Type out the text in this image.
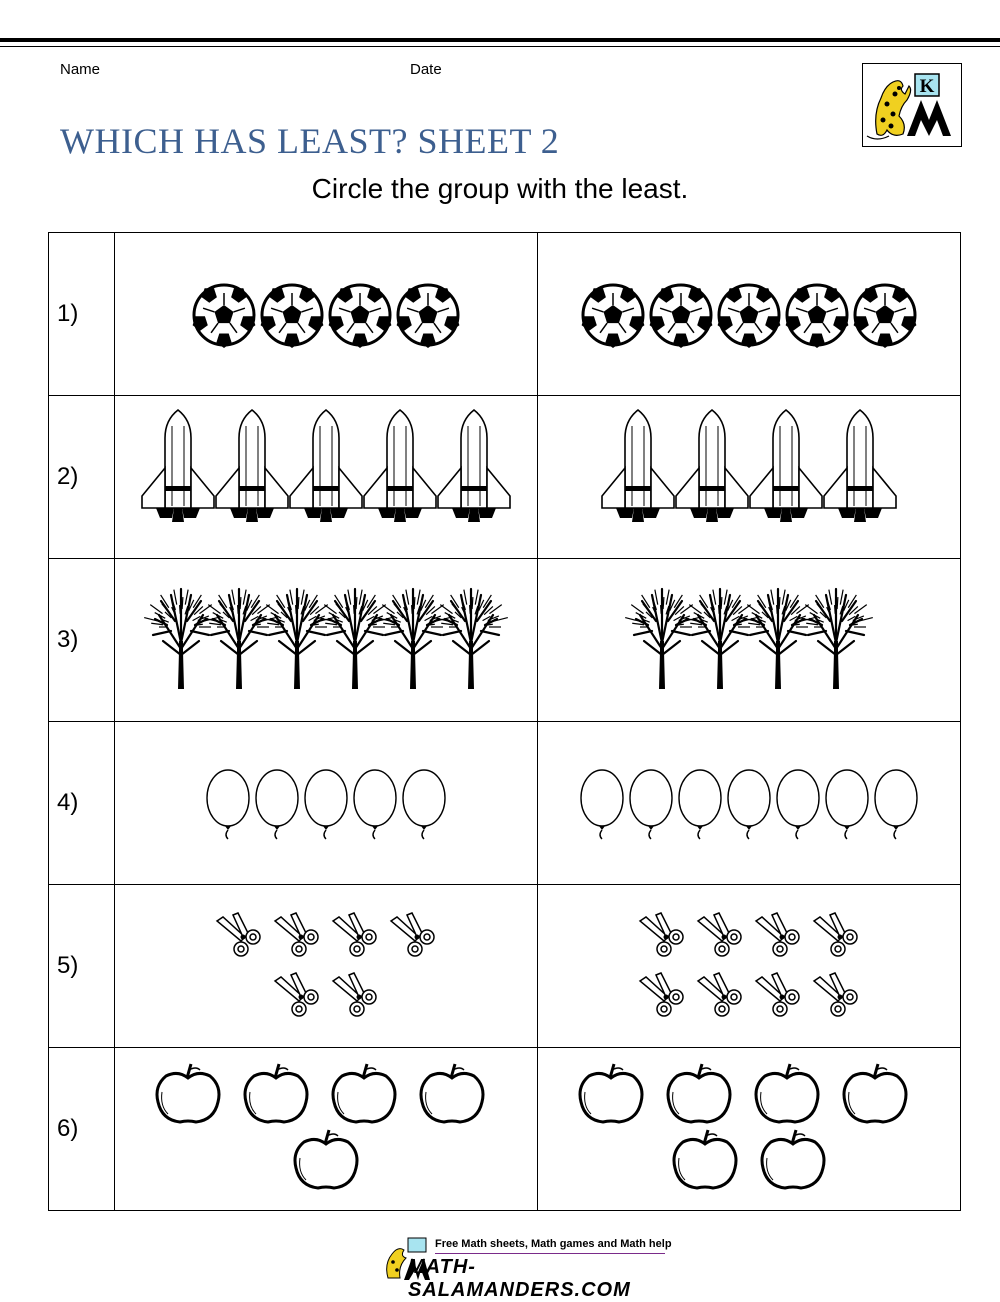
Name	Date
K
WHICH HAS LEAST? SHEET 2
Circle the group with the least.
1)	

2)	

3)	

4)	

5)	

6)	

Free Math sheets, Math games and Math help
MATH-SALAMANDERS.COM
